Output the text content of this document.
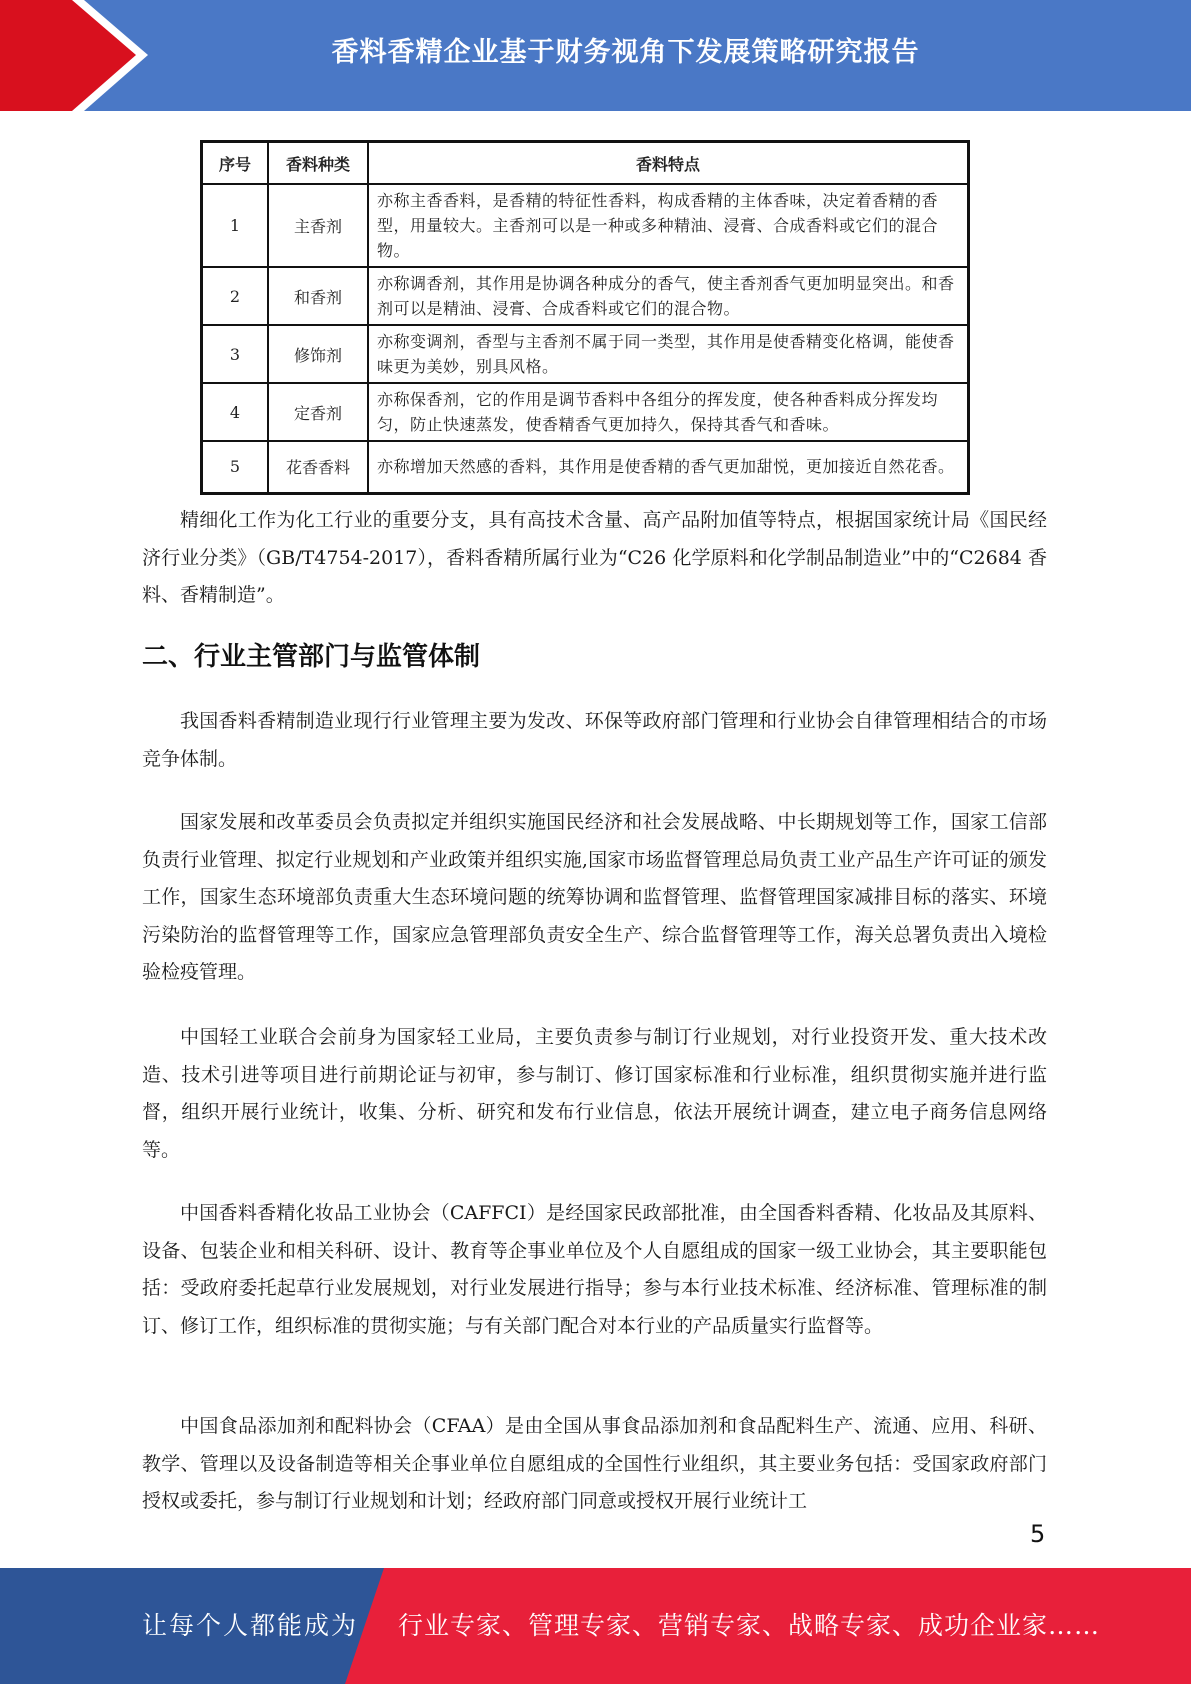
香料香精企业基于财务视角下发展策略研究报告
序号	香料种类	香料特点
1	主香剂	亦称主香香料，是香精的特征性香料，构成香精的主体香味，决定着香精的香型，用量较大。主香剂可以是一种或多种精油、浸膏、合成香料或它们的混合物。
2	和香剂	亦称调香剂，其作用是协调各种成分的香气，使主香剂香气更加明显突出。和香剂可以是精油、浸膏、合成香料或它们的混合物。
3	修饰剂	亦称变调剂，香型与主香剂不属于同一类型，其作用是使香精变化格调，能使香味更为美妙，别具风格。
4	定香剂	亦称保香剂，它的作用是调节香料中各组分的挥发度，使各种香料成分挥发均匀，防止快速蒸发，使香精香气更加持久，保持其香气和香味。
5	花香香料	亦称增加天然感的香料，其作用是使香精的香气更加甜悦，更加接近自然花香。

精细化工作为化工行业的重要分支，具有高技术含量、高产品附加值等特点，根据国家统计局《国民经济行业分类》（GB/T4754-2017），香料香精所属行业为“C26 化学原料和化学制品制造业”中的“C2684 香料、香精制造”。

二、行业主管部门与监管体制

我国香料香精制造业现行行业管理主要为发改、环保等政府部门管理和行业协会自律管理相结合的市场竞争体制。

国家发展和改革委员会负责拟定并组织实施国民经济和社会发展战略、中长期规划等工作，国家工信部负责行业管理、拟定行业规划和产业政策并组织实施,国家市场监督管理总局负责工业产品生产许可证的颁发工作，国家生态环境部负责重大生态环境问题的统筹协调和监督管理、监督管理国家减排目标的落实、环境污染防治的监督管理等工作，国家应急管理部负责安全生产、综合监督管理等工作，海关总署负责出入境检验检疫管理。

中国轻工业联合会前身为国家轻工业局，主要负责参与制订行业规划，对行业投资开发、重大技术改造、技术引进等项目进行前期论证与初审，参与制订、修订国家标准和行业标准，组织贯彻实施并进行监督，组织开展行业统计，收集、分析、研究和发布行业信息，依法开展统计调查，建立电子商务信息网络等。

中国香料香精化妆品工业协会（CAFFCI）是经国家民政部批准，由全国香料香精、化妆品及其原料、设备、包装企业和相关科研、设计、教育等企事业单位及个人自愿组成的国家一级工业协会，其主要职能包括：受政府委托起草行业发展规划，对行业发展进行指导；参与本行业技术标准、经济标准、管理标准的制订、修订工作，组织标准的贯彻实施；与有关部门配合对本行业的产品质量实行监督等。

中国食品添加剂和配料协会（CFAA）是由全国从事食品添加剂和食品配料生产、流通、应用、科研、教学、管理以及设备制造等相关企事业单位自愿组成的全国性行业组织，其主要业务包括：受国家政府部门授权或委托，参与制订行业规划和计划；经政府部门同意或授权开展行业统计工

5
让每个人都能成为 行业专家、管理专家、营销专家、战略专家、成功企业家……
